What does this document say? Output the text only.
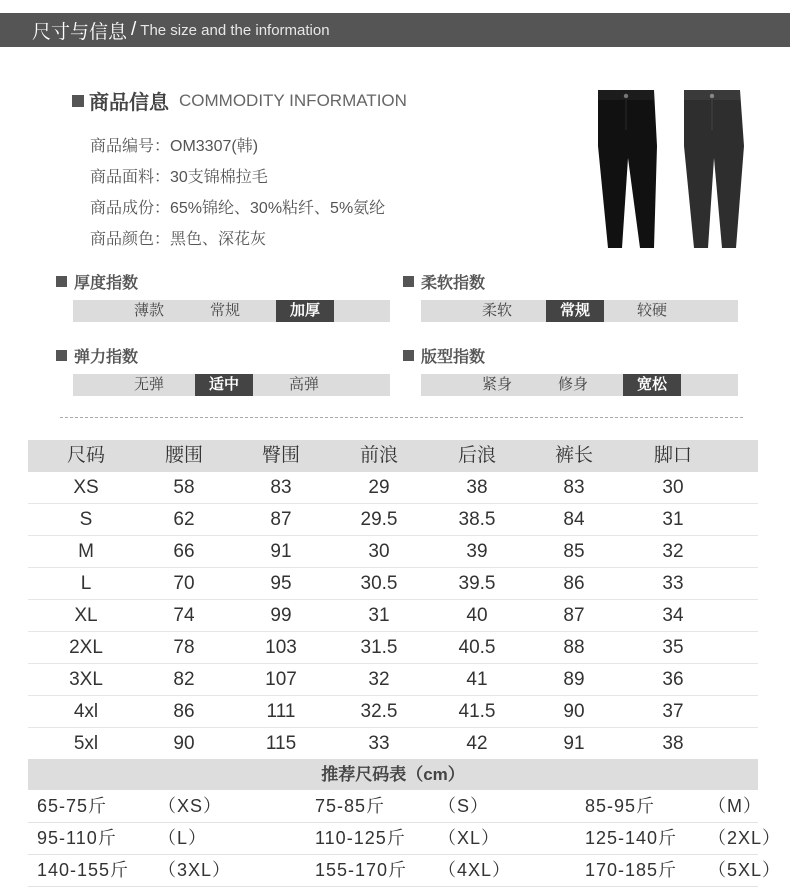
尺寸与信息 / The size and the information
商品信息 COMMODITY INFORMATION
商品编号：OM3307(韩)
商品面料：30支锦棉拉毛
商品成份：65%锦纶、30%粘纤、5%氨纶
商品颜色：黑色、深花灰
厚度指数
薄款	常规	加厚
柔软指数
柔软	常规	较硬
弹力指数
无弹	适中	高弹
版型指数
紧身	修身	宽松
尺码	腰围	臀围	前浪	后浪	裤长	脚口
XS	58	83	29	38	83	30
S	62	87	29.5	38.5	84	31
M	66	91	30	39	85	32
L	70	95	30.5	39.5	86	33
XL	74	99	31	40	87	34
2XL	78	103	31.5	40.5	88	35
3XL	82	107	32	41	89	36
4xl	86	111	32.5	41.5	90	37
5xl	90	115	33	42	91	38
推荐尺码表（cm）
65-75斤	（XS）	75-85斤	（S）	85-95斤	（M）
95-110斤 （L）	110-125斤 （XL）	125-140斤 （2XL）
140-155斤 （3XL）	155-170斤 （4XL）	170-185斤 （5XL）
